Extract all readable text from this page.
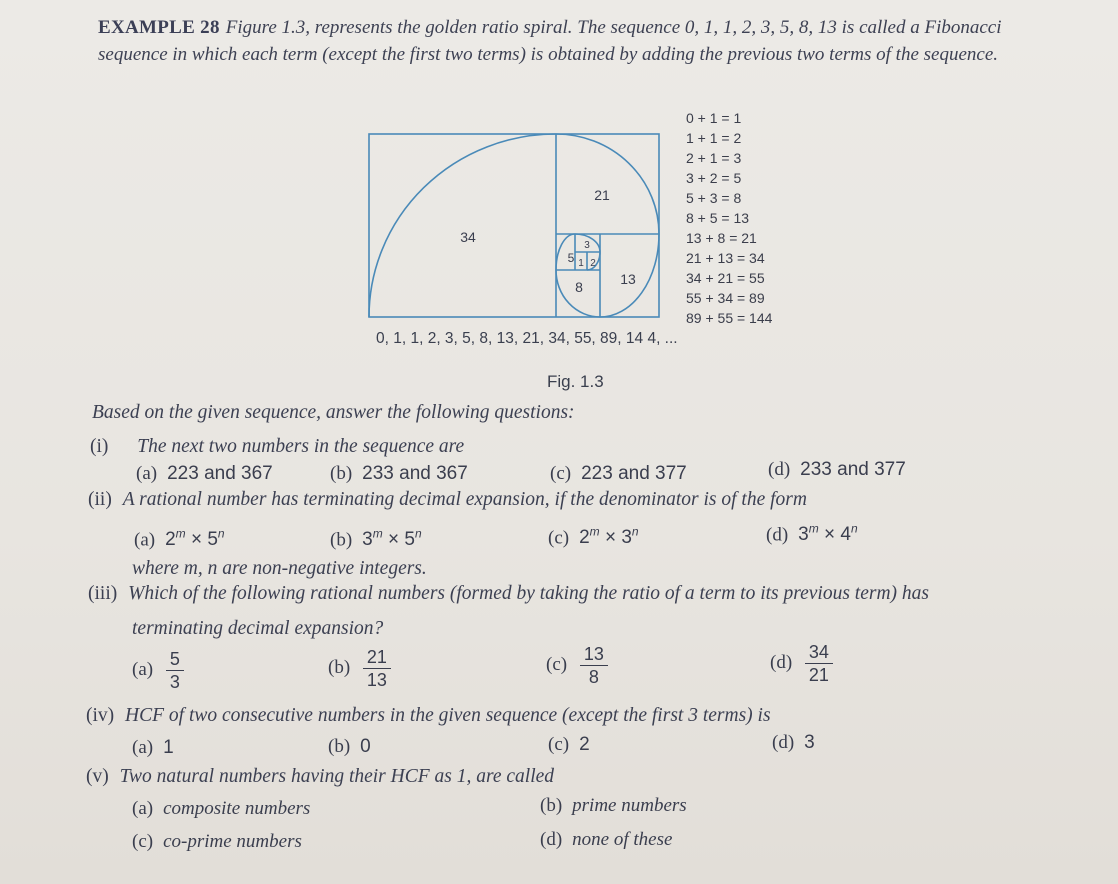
EXAMPLE 28 Figure 1.3, represents the golden ratio spiral. The sequence 0, 1, 1, 2, 3, 5, 8, 13 is called a Fibonacci sequence in which each term (except the first two terms) is obtained by adding the previous two terms of the sequence.
34
21
13
8
5
3
1 2
0 + 1 = 1
1 + 1 = 2
2 + 1 = 3
3 + 2 = 5
5 + 3 = 8
8 + 5 = 13
13 + 8 = 21
21 + 13 = 34
34 + 21 = 55
55 + 34 = 89
89 + 55 = 144
0, 1, 1, 2, 3, 5, 8, 13, 21, 34, 55, 89, 14 4, ...
Fig. 1.3
Based on the given sequence, answer the following questions:
(i) The next two numbers in the sequence are
(a) 223 and 367	(b) 233 and 367	(c) 223 and 377	(d) 233 and 377
(ii) A rational number has terminating decimal expansion, if the denominator is of the form
(a) $2^m \times 5^n$	(b) $3^m \times 5^n$	(c) $2^m \times 3^n$	(d) $3^m \times 4^n$
where m, n are non-negative integers.
(iii) Which of the following rational numbers (formed by taking the ratio of a term to its previous term) has
terminating decimal expansion?
$(a) \frac{5}{3}$	$(b) \frac{21}{13}$	$(c) \frac{13}{8}$	$(d) \frac{34}{21}$
(iv) HCF of two consecutive numbers in the given sequence (except the first 3 terms) is
(a) 1	(b) 0	(c) 2	(d) 3
(v) Two natural numbers having their HCF as 1, are called
(a) composite numbers	(b) prime numbers
(c) co-prime numbers	(d) none of these
